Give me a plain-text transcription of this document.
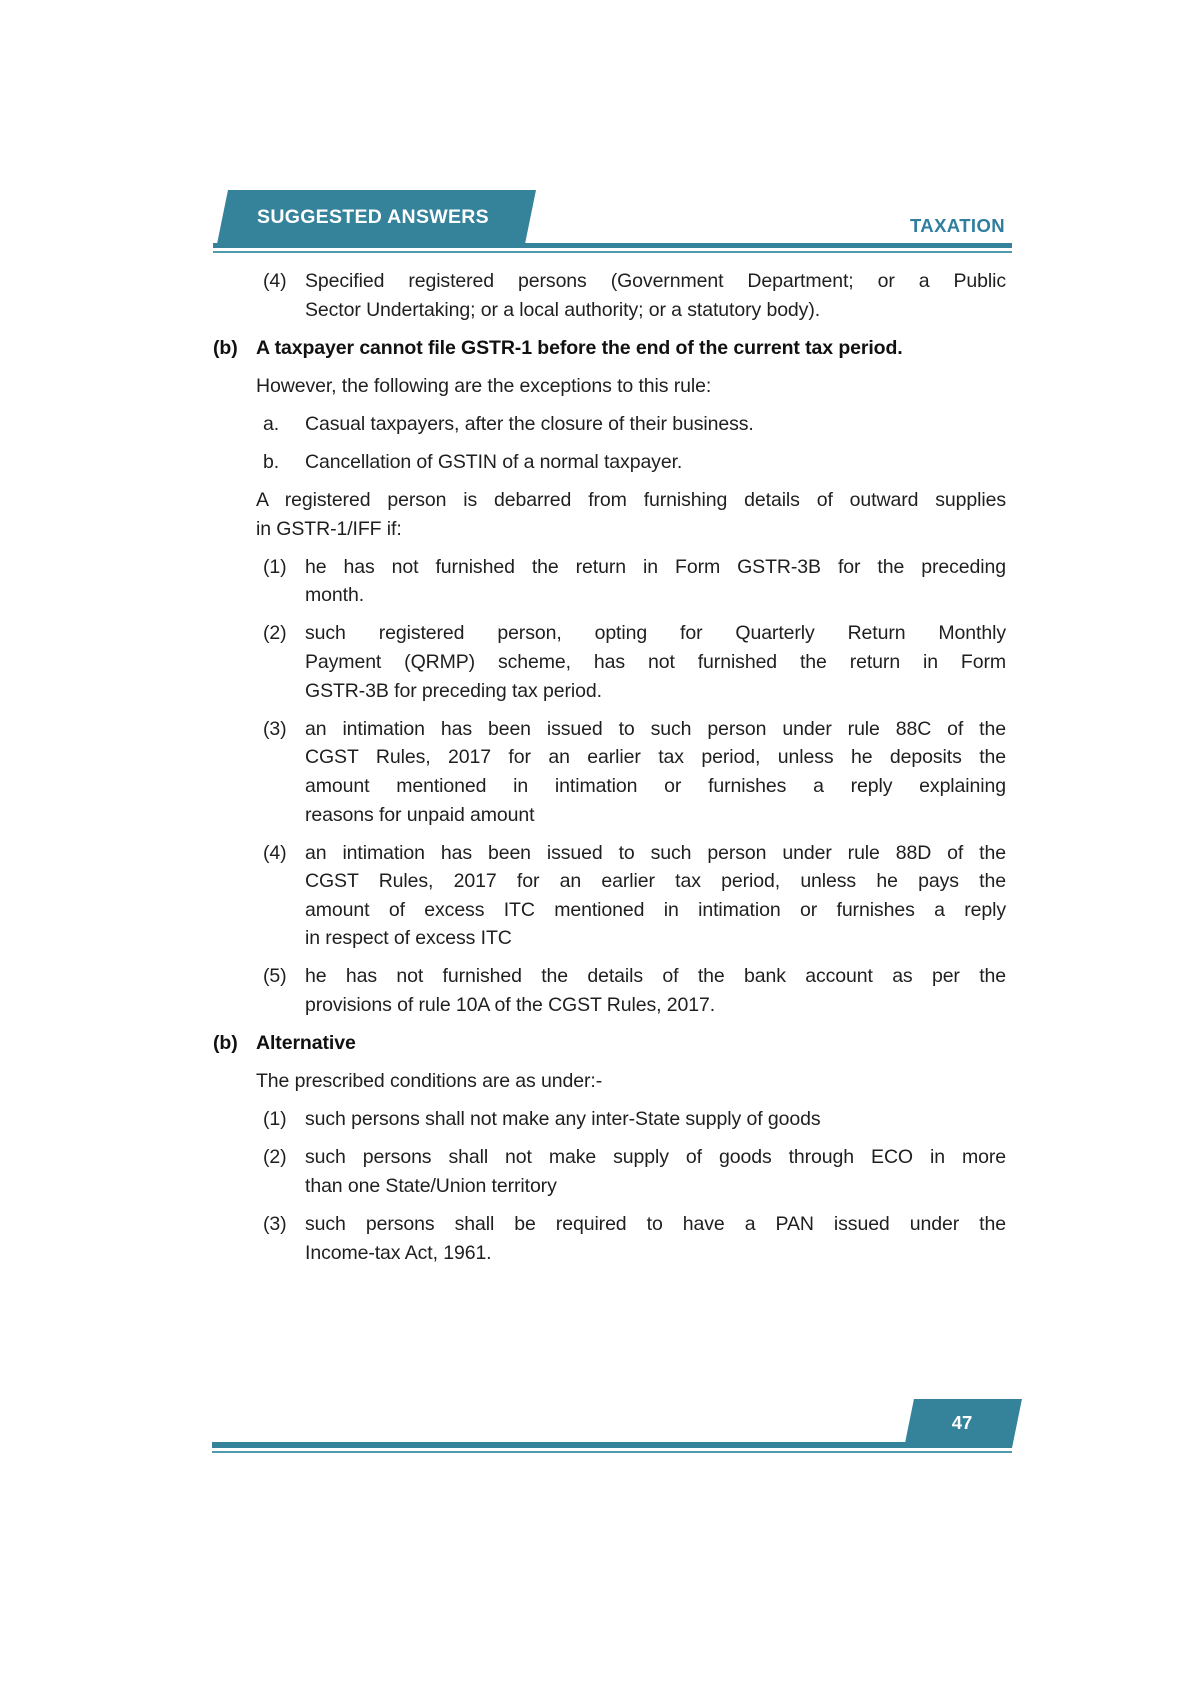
SUGGESTED ANSWERS	TAXATION
(4) Specified registered persons (Government Department; or a Public
Sector Undertaking; or a local authority; or a statutory body).
(b) A taxpayer cannot file GSTR-1 before the end of the current tax period.
However, the following are the exceptions to this rule:
a.	Casual taxpayers, after the closure of their business.
b.	Cancellation of GSTIN of a normal taxpayer.
A registered person is debarred from furnishing details of outward supplies
in GSTR-1/IFF if:
(1) he has not furnished the return in Form GSTR-3B for the preceding
month.
(2) such registered person, opting for Quarterly Return Monthly
Payment (QRMP) scheme, has not furnished the return in Form
GSTR-3B for preceding tax period.
(3) an intimation has been issued to such person under rule 88C of the
CGST Rules, 2017 for an earlier tax period, unless he deposits the
amount mentioned in intimation or furnishes a reply explaining
reasons for unpaid amount
(4) an intimation has been issued to such person under rule 88D of the
CGST Rules, 2017 for an earlier tax period, unless he pays the
amount of excess ITC mentioned in intimation or furnishes a reply
in respect of excess ITC
(5) he has not furnished the details of the bank account as per the
provisions of rule 10A of the CGST Rules, 2017.
(b) Alternative
The prescribed conditions are as under:-
(1) such persons shall not make any inter-State supply of goods
(2) such persons shall not make supply of goods through ECO in more
than one State/Union territory
(3) such persons shall be required to have a PAN issued under the
Income-tax Act, 1961.
47
